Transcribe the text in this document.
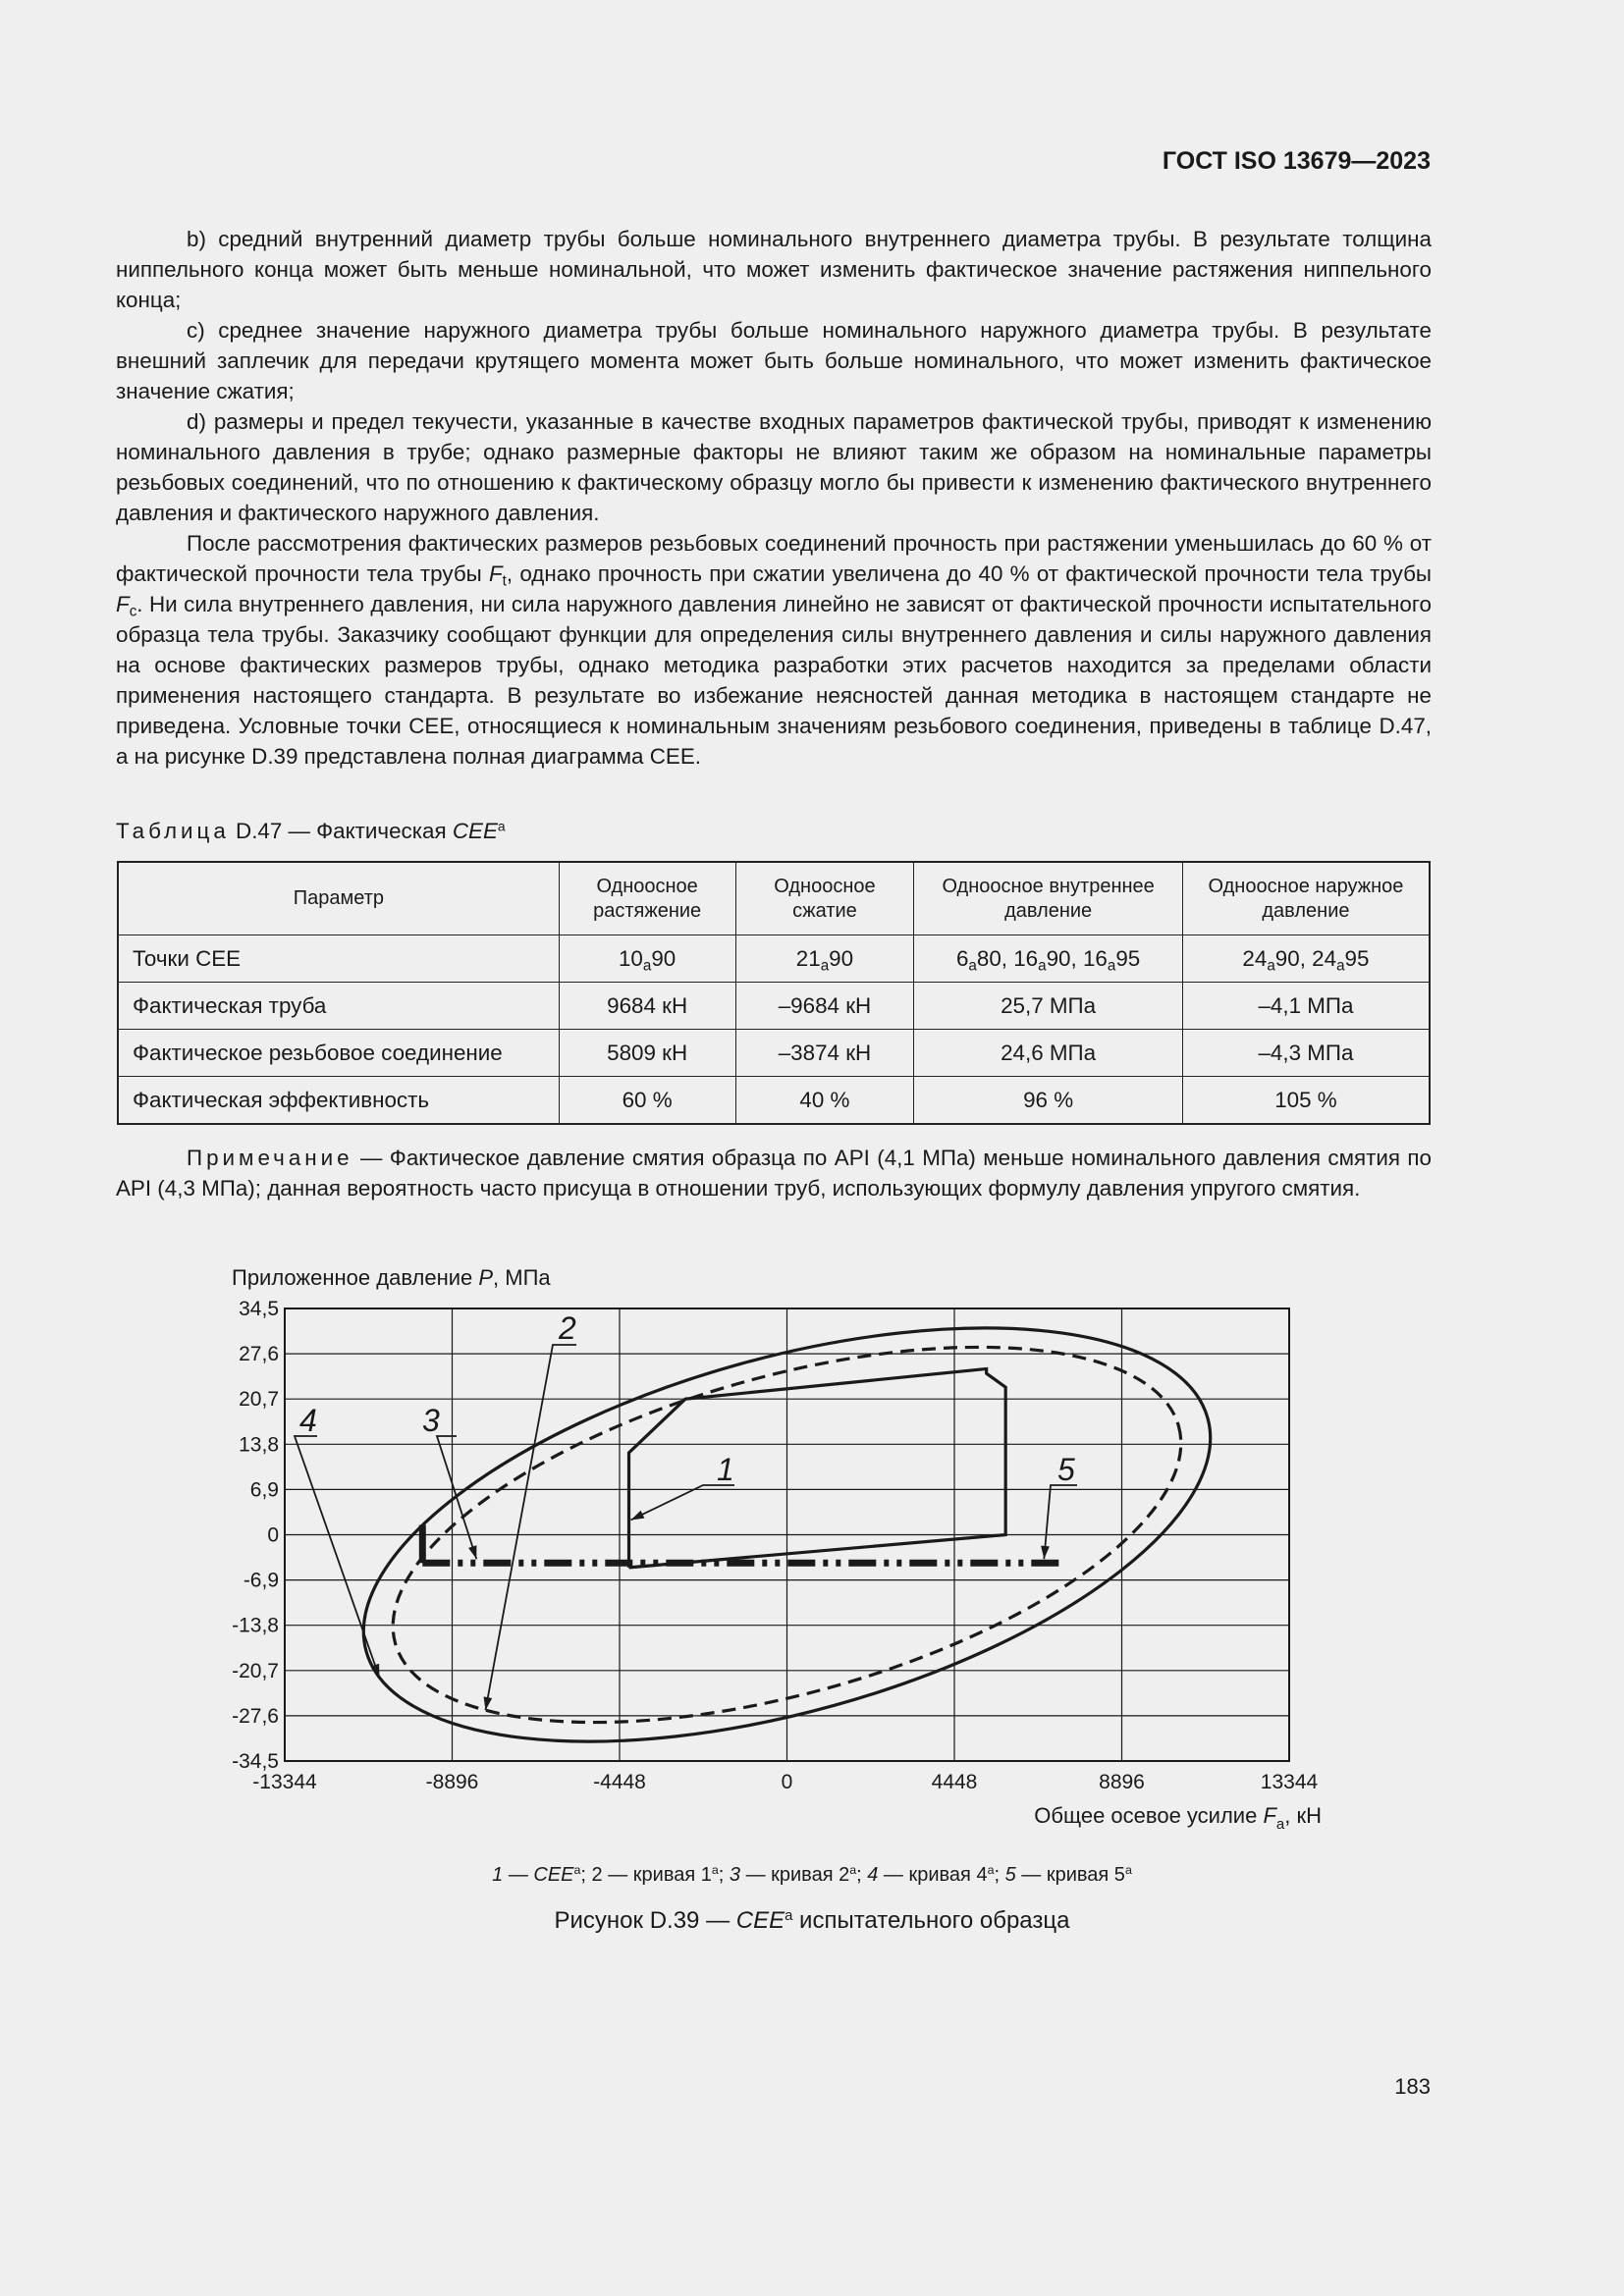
ГОСТ ISO 13679—2023

b) средний внутренний диаметр трубы больше номинального внутреннего диаметра трубы. В результате толщина ниппельного конца может быть меньше номинальной, что может изменить фактическое значение растяжения ниппельного конца;

c) среднее значение наружного диаметра трубы больше номинального наружного диаметра трубы. В результате внешний заплечик для передачи крутящего момента может быть больше номинального, что может изменить фактическое значение сжатия;

d) размеры и предел текучести, указанные в качестве входных параметров фактической трубы, приводят к изменению номинального давления в трубе; однако размерные факторы не влияют таким же образом на номинальные параметры резьбовых соединений, что по отношению к фактическому образцу могло бы привести к изменению фактического внутреннего давления и фактического наружного давления.

После рассмотрения фактических размеров резьбовых соединений прочность при растяжении уменьшилась до 60 % от фактической прочности тела трубы $F_t$, однако прочность при сжатии увеличена до 40 % от фактической прочности тела трубы $F_c$. Ни сила внутреннего давления, ни сила наружного давления линейно не зависят от фактической прочности испытательного образца тела трубы. Заказчику сообщают функции для определения силы внутреннего давления и силы наружного давления на основе фактических размеров трубы, однако методика разработки этих расчетов находится за пределами области применения настоящего стандарта. В результате во избежание неясностей данная методика в настоящем стандарте не приведена. Условные точки CEE, относящиеся к номинальным значениям резьбового соединения, приведены в таблице D.47, а на рисунке D.39 представлена полная диаграмма CEE.

Таблица D.47 — Фактическая CEE$^a$
Параметр	Одноосное растяжение	Одноосное сжатие	Одноосное внутреннее давление	Одноосное наружное давление
Точки CEE	$10_a90$	$21_a90$	$6_a80$, $16_a90$, $16_a95$	$24_a90$, $24_a95$
Фактическая труба	9684 кН	–9684 кН	25,7 МПа	–4,1 МПа
Фактическое резьбовое соединение	5809 кН	–3874 кН	24,6 МПа	–4,3 МПа
Фактическая эффективность	60 %	40 %	96 %	105 %
Примечание — Фактическое давление смятия образца по API (4,1 МПа) меньше номинального давления смятия по API (4,3 МПа); данная вероятность часто присуща в отношении труб, использующих формулу давления упругого смятия.
-13344	-8896	-4448	0	4448	8896	13344
34,5
27,6
20,7
13,8
6,9
0
-6,9
-13,8
-20,7
-27,6
-34,5
1
2
3
5
4
Приложенное давление P, МПа
Общее осевое усилие $F_a$, кН
1 — CEE$^a$; 2 — кривая 1$^a$; 3 — кривая 2$^a$; 4 — кривая 4$^a$; 5 — кривая 5$^a$
Рисунок D.39 — CEE$^a$ испытательного образца
183
